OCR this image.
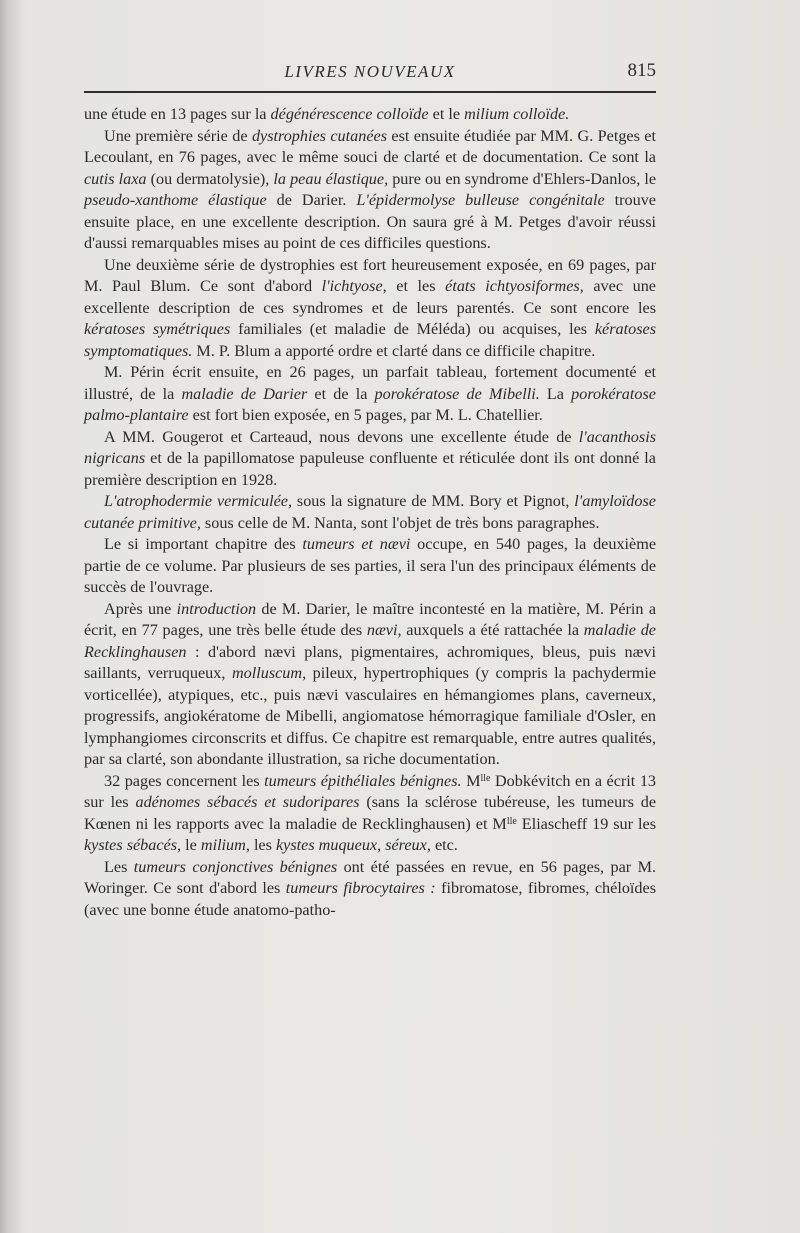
LIVRES NOUVEAUX	815

une étude en 13 pages sur la dégénérescence colloïde et le milium colloïde.

Une première série de dystrophies cutanées est ensuite étudiée par MM. G. Petges et Lecoulant, en 76 pages, avec le même souci de clarté et de documentation. Ce sont la cutis laxa (ou dermatolysie), la peau élastique, pure ou en syndrome d'Ehlers-Danlos, le pseudo-xanthome élastique de Darier. L'épidermolyse bulleuse congénitale trouve ensuite place, en une excellente description. On saura gré à M. Petges d'avoir réussi d'aussi remarquables mises au point de ces difficiles questions.

Une deuxième série de dystrophies est fort heureusement exposée, en 69 pages, par M. Paul Blum. Ce sont d'abord l'ichtyose, et les états ichtyosiformes, avec une excellente description de ces syndromes et de leurs parentés. Ce sont encore les kératoses symétriques familiales (et maladie de Méléda) ou acquises, les kératoses symptomatiques. M. P. Blum a apporté ordre et clarté dans ce difficile chapitre.

M. Périn écrit ensuite, en 26 pages, un parfait tableau, fortement documenté et illustré, de la maladie de Darier et de la porokératose de Mibelli. La porokératose palmo-plantaire est fort bien exposée, en 5 pages, par M. L. Chatellier.

A MM. Gougerot et Carteaud, nous devons une excellente étude de l'acanthosis nigricans et de la papillomatose papuleuse confluente et réticulée dont ils ont donné la première description en 1928.

L'atrophodermie vermiculée, sous la signature de MM. Bory et Pignot, l'amyloïdose cutanée primitive, sous celle de M. Nanta, sont l'objet de très bons paragraphes.

Le si important chapitre des tumeurs et nævi occupe, en 540 pages, la deuxième partie de ce volume. Par plusieurs de ses parties, il sera l'un des principaux éléments de succès de l'ouvrage.

Après une introduction de M. Darier, le maître incontesté en la matière, M. Périn a écrit, en 77 pages, une très belle étude des nævi, auxquels a été rattachée la maladie de Recklinghausen : d'abord nævi plans, pigmentaires, achromiques, bleus, puis nævi saillants, verruqueux, molluscum, pileux, hypertrophiques (y compris la pachydermie vorticellée), atypiques, etc., puis nævi vasculaires en hémangiomes plans, caverneux, progressifs, angiokératome de Mibelli, angiomatose hémorragique familiale d'Osler, en lymphangiomes circonscrits et diffus. Ce chapitre est remarquable, entre autres qualités, par sa clarté, son abondante illustration, sa riche documentation.

32 pages concernent les tumeurs épithéliales bénignes. $M^{lle}$ Dobkévitch en a écrit 13 sur les adénomes sébacés et sudoripares (sans la sclérose tubéreuse, les tumeurs de Kœnen ni les rapports avec la maladie de Recklinghausen) et $M^{lle}$ Eliascheff 19 sur les kystes sébacés, le milium, les kystes muqueux, séreux, etc.

Les tumeurs conjonctives bénignes ont été passées en revue, en 56 pages, par M. Woringer. Ce sont d'abord les tumeurs fibrocytaires : fibromatose, fibromes, chéloïdes (avec une bonne étude anatomo-patho-
